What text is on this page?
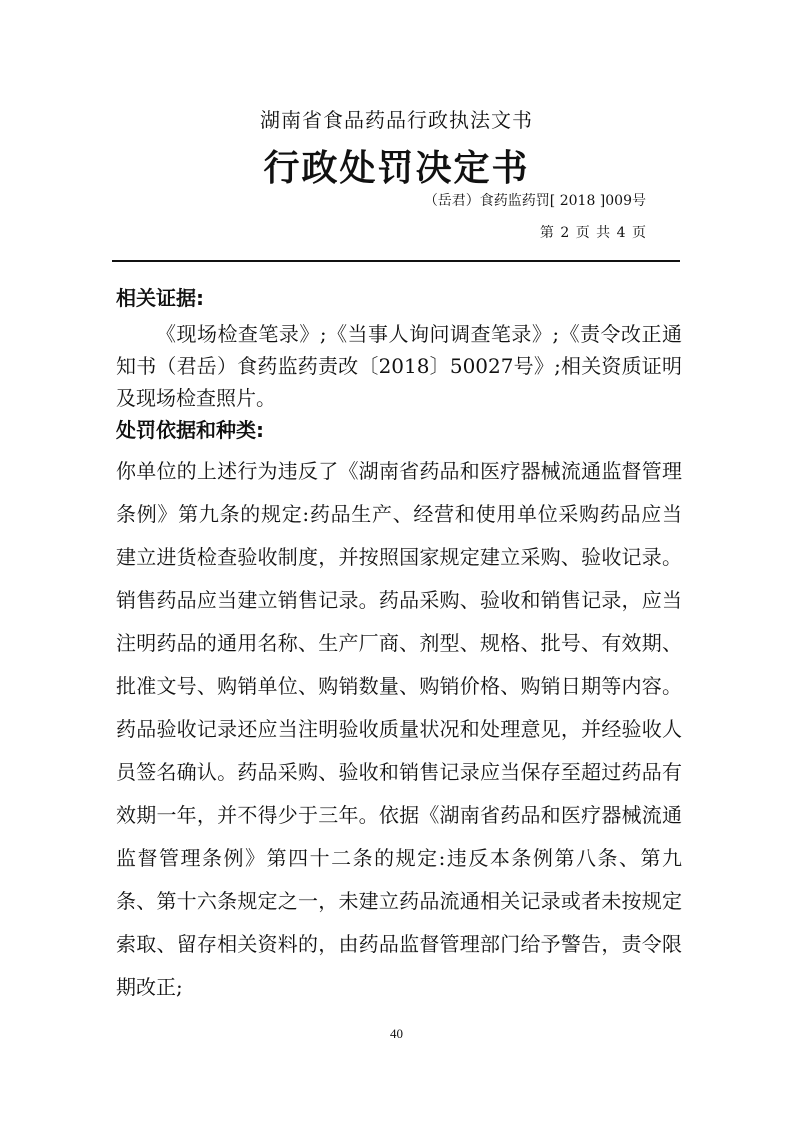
湖南省食品药品行政执法文书
行政处罚决定书
（岳君）食药监药罚[ 2018 ]009号
第 2 页 共 4 页

相关证据:

《现场检查笔录》;《当事人询问调查笔录》;《责令改正通知书（君岳）食药监药责改〔2018〕50027号》;相关资质证明及现场检查照片。

处罚依据和种类:

你单位的上述行为违反了《湖南省药品和医疗器械流通监督管理条例》第九条的规定:药品生产、经营和使用单位采购药品应当建立进货检查验收制度，并按照国家规定建立采购、验收记录。销售药品应当建立销售记录。药品采购、验收和销售记录，应当注明药品的通用名称、生产厂商、剂型、规格、批号、有效期、批准文号、购销单位、购销数量、购销价格、购销日期等内容。药品验收记录还应当注明验收质量状况和处理意见，并经验收人员签名确认。药品采购、验收和销售记录应当保存至超过药品有效期一年，并不得少于三年。依据《湖南省药品和医疗器械流通监督管理条例》第四十二条的规定:违反本条例第八条、第九条、第十六条规定之一，未建立药品流通相关记录或者未按规定索取、留存相关资料的，由药品监督管理部门给予警告，责令限期改正;

40
